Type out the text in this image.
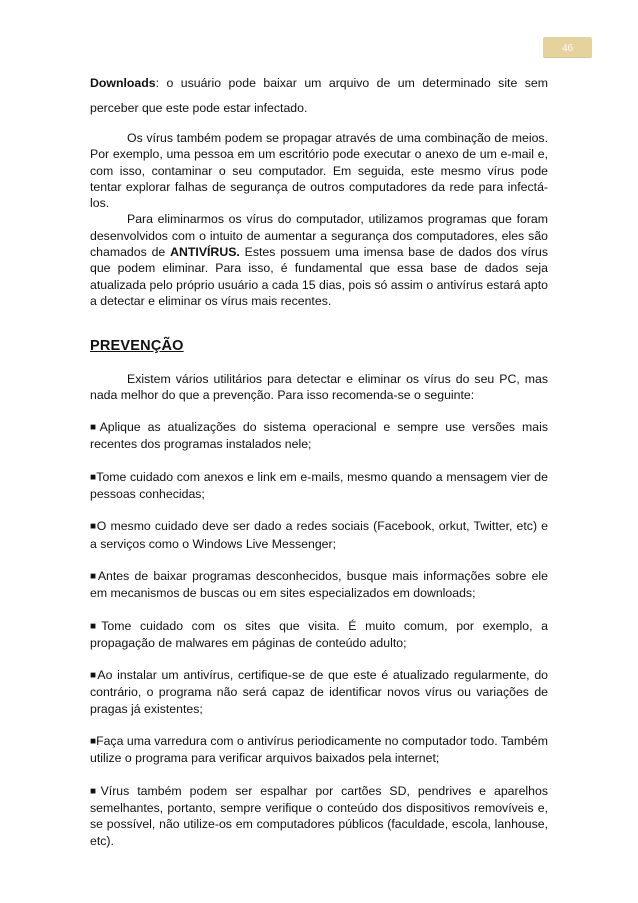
46

Downloads: o usuário pode baixar um arquivo de um determinado site sem perceber que este pode estar infectado.

Os vírus também podem se propagar através de uma combinação de meios. Por exemplo, uma pessoa em um escritório pode executar o anexo de um e-mail e, com isso, contaminar o seu computador. Em seguida, este mesmo vírus pode tentar explorar falhas de segurança de outros computadores da rede para infectá-los.

Para eliminarmos os vírus do computador, utilizamos programas que foram desenvolvidos com o intuito de aumentar a segurança dos computadores, eles são chamados de ANTIVÍRUS. Estes possuem uma imensa base de dados dos vírus que podem eliminar. Para isso, é fundamental que essa base de dados seja atualizada pelo próprio usuário a cada 15 dias, pois só assim o antivírus estará apto a detectar e eliminar os vírus mais recentes.

PREVENÇÃO

Existem vários utilitários para detectar e eliminar os vírus do seu PC, mas nada melhor do que a prevenção. Para isso recomenda-se o seguinte:

■Aplique as atualizações do sistema operacional e sempre use versões mais recentes dos programas instalados nele;

■Tome cuidado com anexos e link em e-mails, mesmo quando a mensagem vier de pessoas conhecidas;

■O mesmo cuidado deve ser dado a redes sociais (Facebook, orkut, Twitter, etc) e a serviços como o Windows Live Messenger;

■Antes de baixar programas desconhecidos, busque mais informações sobre ele em mecanismos de buscas ou em sites especializados em downloads;

■Tome cuidado com os sites que visita. É muito comum, por exemplo, a propagação de malwares em páginas de conteúdo adulto;

■Ao instalar um antivírus, certifique-se de que este é atualizado regularmente, do contrário, o programa não será capaz de identificar novos vírus ou variações de pragas já existentes;

■Faça uma varredura com o antivírus periodicamente no computador todo. Também utilize o programa para verificar arquivos baixados pela internet;

■Vírus também podem ser espalhar por cartões SD, pendrives e aparelhos semelhantes, portanto, sempre verifique o conteúdo dos dispositivos removíveis e, se possível, não utilize-os em computadores públicos (faculdade, escola, lanhouse, etc).
